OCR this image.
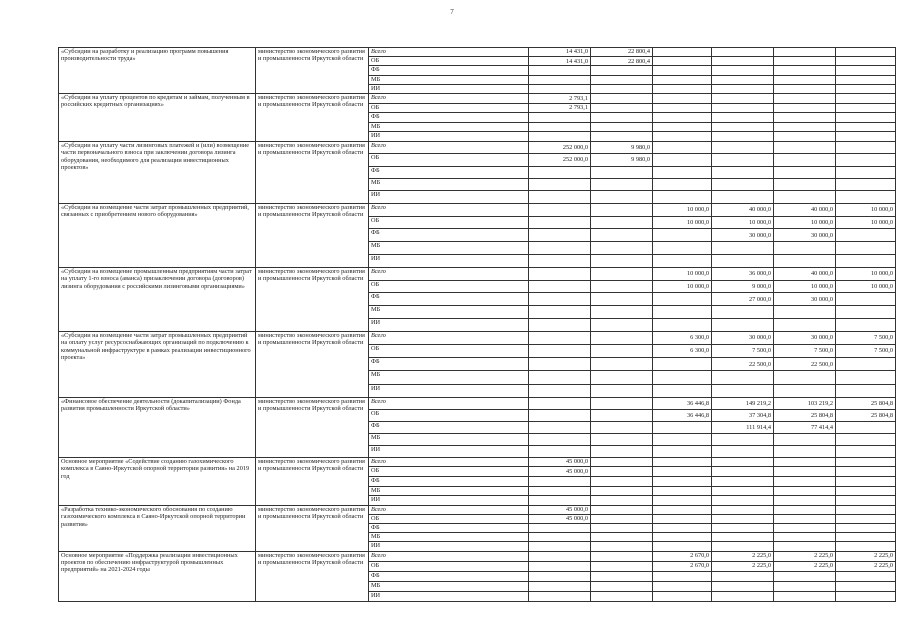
7
«Субсидии на разработку и реализацию программ повышения производительности труда»	министерство экономического развития и промышленности Иркутской области	Всего	14 431,0	22 800,4				
		ОБ	14 431,0	22 800,4				
		ФБ						
		МБ						
		ИИ						
«Субсидии на уплату процентов по кредитам и займам, полученным в российских кредитных организациях»	министерство экономического развития и промышленности Иркутской области	Всего	2 793,1					
		ОБ	2 793,1					
		ФБ						
		МБ						
		ИИ						
«Субсидии на уплату части лизинговых платежей и (или) возмещение части первоначального взноса при заключении договора лизинга оборудования, необходимого для реализации инвестиционных проектов»	министерство экономического развития и промышленности Иркутской области	Всего	252 000,0	9 980,0				
		ОБ	252 000,0	9 980,0				
		ФБ						
		МБ						
		ИИ						
«Субсидии на возмещение части затрат промышленных предприятий, связанных с приобретением нового оборудования»	министерство экономического развития и промышленности Иркутской области	Всего			10 000,0	40 000,0	40 000,0	10 000,0
		ОБ			10 000,0	10 000,0	10 000,0	10 000,0
		ФБ				30 000,0	30 000,0	
		МБ						
		ИИ						
«Субсидии на возмещение промышленным предприятиям части затрат на уплату 1-го взноса (аванса) призаключении договора (договоров) лизинга оборудования с российскими лизинговыми организациями»	министерство экономического развития и промышленности Иркутской области	Всего			10 000,0	36 000,0	40 000,0	10 000,0
		ОБ			10 000,0	9 000,0	10 000,0	10 000,0
		ФБ				27 000,0	30 000,0	
		МБ						
		ИИ						
«Субсидии на возмещение части затрат промышленных предприятий на оплату услуг ресурсоснабжающих организаций по подключению к коммунальной инфраструктуре в рамках реализации инвестиционного проекта»	министерство экономического развития и промышленности Иркутской области	Всего			6 300,0	30 000,0	30 000,0	7 500,0
		ОБ			6 300,0	7 500,0	7 500,0	7 500,0
		ФБ				22 500,0	22 500,0	
		МБ						
		ИИ						
«Финансовое обеспечение деятельности (докапитализации) Фонда развития промышленности Иркутской области»	министерство экономического развития и промышленности Иркутской области	Всего			36 446,8	149 219,2	103 219,2	25 804,8
		ОБ			36 446,8	37 304,8	25 804,8	25 804,8
		ФБ				111 914,4	77 414,4	
		МБ						
		ИИ						
Основное мероприятие «Содействие созданию газохимического комплекса в Саяно-Иркутской опорной территории развития» на 2019 год	министерство экономического развития и промышленности Иркутской области	Всего	45 000,0					
		ОБ	45 000,0					
		ФБ						
		МБ						
		ИИ						
«Разработка технико-экономического обоснования по созданию газохимического комплекса в Саяно-Иркутской опорной территории развития»	министерство экономического развития и промышленности Иркутской области	Всего	45 000,0					
		ОБ	45 000,0					
		ФБ						
		МБ						
		ИИ						
Основное мероприятие «Поддержка реализации инвестиционных проектов по обеспечению инфраструктурой промышленных предприятий» на 2021-2024 годы	министерство экономического развития и промышленности Иркутской области	Всего			2 670,0	2 225,0	2 225,0	2 225,0
		ОБ			2 670,0	2 225,0	2 225,0	2 225,0
		ФБ						
		МБ						
		ИИ						
